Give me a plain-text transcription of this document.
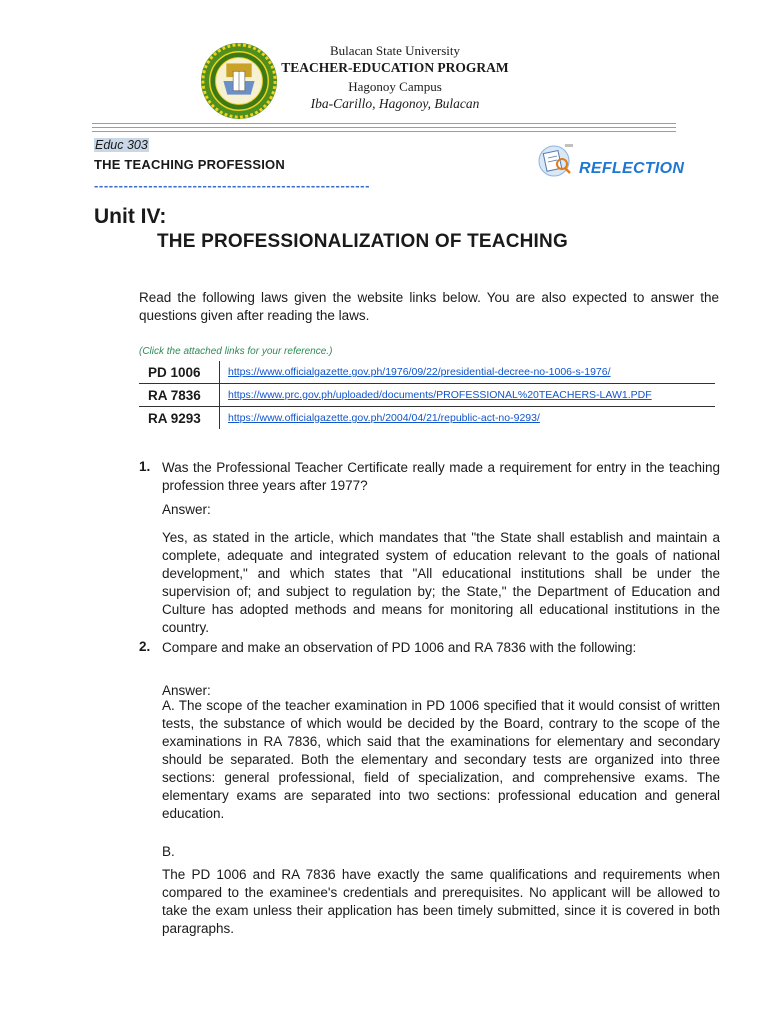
Bulacan State University
TEACHER-EDUCATION PROGRAM
Hagonoy Campus
Iba-Carillo, Hagonoy, Bulacan
Educ 303
THE TEACHING PROFESSION
--------------------------------------------------------
REFLECTION
Unit IV:
THE PROFESSIONALIZATION OF TEACHING
Read the following laws given the website links below. You are also expected to answer the questions given after reading the laws.
(Click the attached links for your reference.)
PD 1006	https://www.officialgazette.gov.ph/1976/09/22/presidential-decree-no-1006-s-1976/
RA 7836	https://www.prc.gov.ph/uploaded/documents/PROFESSIONAL%20TEACHERS-LAW1.PDF
RA 9293	https://www.officialgazette.gov.ph/2004/04/21/republic-act-no-9293/
1. Was the Professional Teacher Certificate really made a requirement for entry in the teaching profession three years after 1977?
Answer:
Yes, as stated in the article, which mandates that "the State shall establish and maintain a complete, adequate and integrated system of education relevant to the goals of national development," and which states that "All educational institutions shall be under the supervision of; and subject to regulation by; the State," the Department of Education and Culture has adopted methods and means for monitoring all educational institutions in the country.
2. Compare and make an observation of PD 1006 and RA 7836 with the following:
Answer:
A. The scope of the teacher examination in PD 1006 specified that it would consist of written tests, the substance of which would be decided by the Board, contrary to the scope of the examinations in RA 7836, which said that the examinations for elementary and secondary should be separated. Both the elementary and secondary tests are organized into three sections: general professional, field of specialization, and comprehensive exams. The elementary exams are separated into two sections: professional education and general education.
B.
The PD 1006 and RA 7836 have exactly the same qualifications and requirements when compared to the examinee's credentials and prerequisites. No applicant will be allowed to take the exam unless their application has been timely submitted, since it is covered in both paragraphs.
